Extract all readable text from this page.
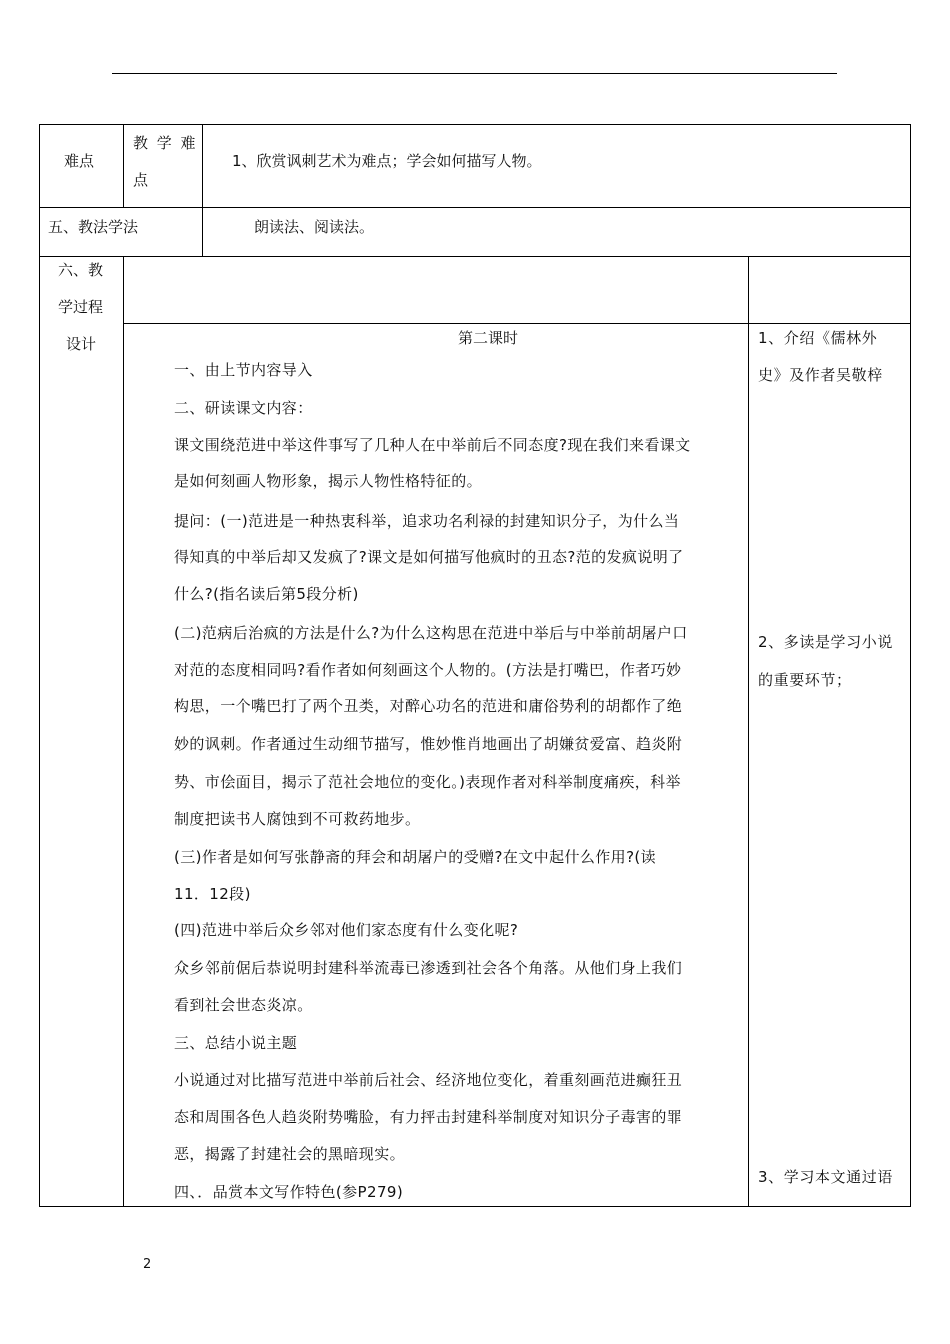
难点
教 学 难
点
1、欣赏讽刺艺术为难点；学会如何描写人物。
五、教法学法	朗读法、阅读法。
六、教
学过程
设计	第二课时
一、由上节内容导入
二、研读课文内容：
课文围绕范进中举这件事写了几种人在中举前后不同态度?现在我们来看课文
是如何刻画人物形象，揭示人物性格特征的。
提问：(一)范进是一种热衷科举，追求功名利禄的封建知识分子，为什么当
得知真的中举后却又发疯了?课文是如何描写他疯时的丑态?范的发疯说明了
什么?(指名读后第5段分析)
(二)范病后治疯的方法是什么?为什么这构思在范进中举后与中举前胡屠户口
对范的态度相同吗?看作者如何刻画这个人物的。(方法是打嘴巴，作者巧妙
构思，一个嘴巴打了两个丑类，对醉心功名的范进和庸俗势利的胡都作了绝
妙的讽刺。作者通过生动细节描写，惟妙惟肖地画出了胡嫌贫爱富、趋炎附
势、市侩面目，揭示了范社会地位的变化。)表现作者对科举制度痛疾，科举
制度把读书人腐蚀到不可救药地步。
(三)作者是如何写张静斋的拜会和胡屠户的受赠?在文中起什么作用?(读
11．12段)
(四)范进中举后众乡邻对他们家态度有什么变化呢?
众乡邻前倨后恭说明封建科举流毒已渗透到社会各个角落。从他们身上我们
看到社会世态炎凉。
三、总结小说主题
小说通过对比描写范进中举前后社会、经济地位变化，着重刻画范进癫狂丑
态和周围各色人趋炎附势嘴脸，有力抨击封建科举制度对知识分子毒害的罪
恶，揭露了封建社会的黑暗现实。
四、．品赏本文写作特色(参P279)
1、介绍《儒林外
史》及作者吴敬梓
2、多读是学习小说
的重要环节；
3、学习本文通过语
2
